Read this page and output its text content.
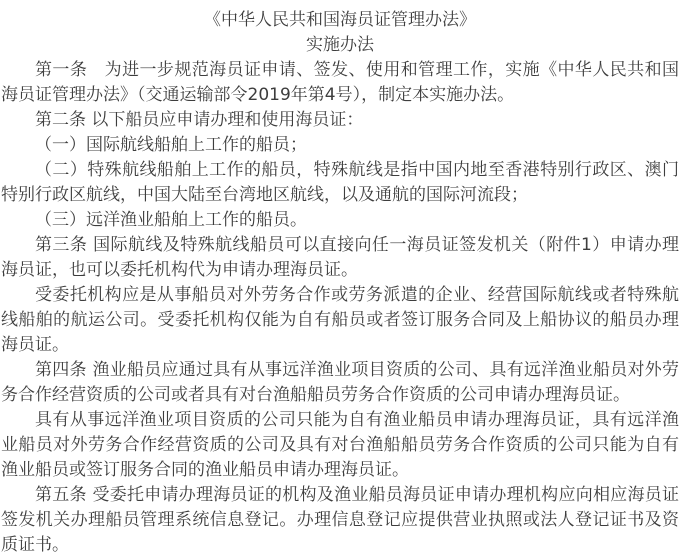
《中华人民共和国海员证管理办法》
实施办法

第一条　为进一步规范海员证申请、签发、使用和管理工作，实施《中华人民共和国海员证管理办法》（交通运输部令2019年第4号），制定本实施办法。

第二条 以下船员应申请办理和使用海员证：

（一）国际航线船舶上工作的船员；

（二）特殊航线船舶上工作的船员，特殊航线是指中国内地至香港特别行政区、澳门特别行政区航线，中国大陆至台湾地区航线，以及通航的国际河流段；

（三）远洋渔业船舶上工作的船员。

第三条 国际航线及特殊航线船员可以直接向任一海员证签发机关（附件1）申请办理海员证，也可以委托机构代为申请办理海员证。

受委托机构应是从事船员对外劳务合作或劳务派遣的企业、经营国际航线或者特殊航线船舶的航运公司。受委托机构仅能为自有船员或者签订服务合同及上船协议的船员办理海员证。

第四条 渔业船员应通过具有从事远洋渔业项目资质的公司、具有远洋渔业船员对外劳务合作经营资质的公司或者具有对台渔船船员劳务合作资质的公司申请办理海员证。

具有从事远洋渔业项目资质的公司只能为自有渔业船员申请办理海员证，具有远洋渔业船员对外劳务合作经营资质的公司及具有对台渔船船员劳务合作资质的公司只能为自有渔业船员或签订服务合同的渔业船员申请办理海员证。

第五条 受委托申请办理海员证的机构及渔业船员海员证申请办理机构应向相应海员证签发机关办理船员管理系统信息登记。办理信息登记应提供营业执照或法人登记证书及资质证书。
